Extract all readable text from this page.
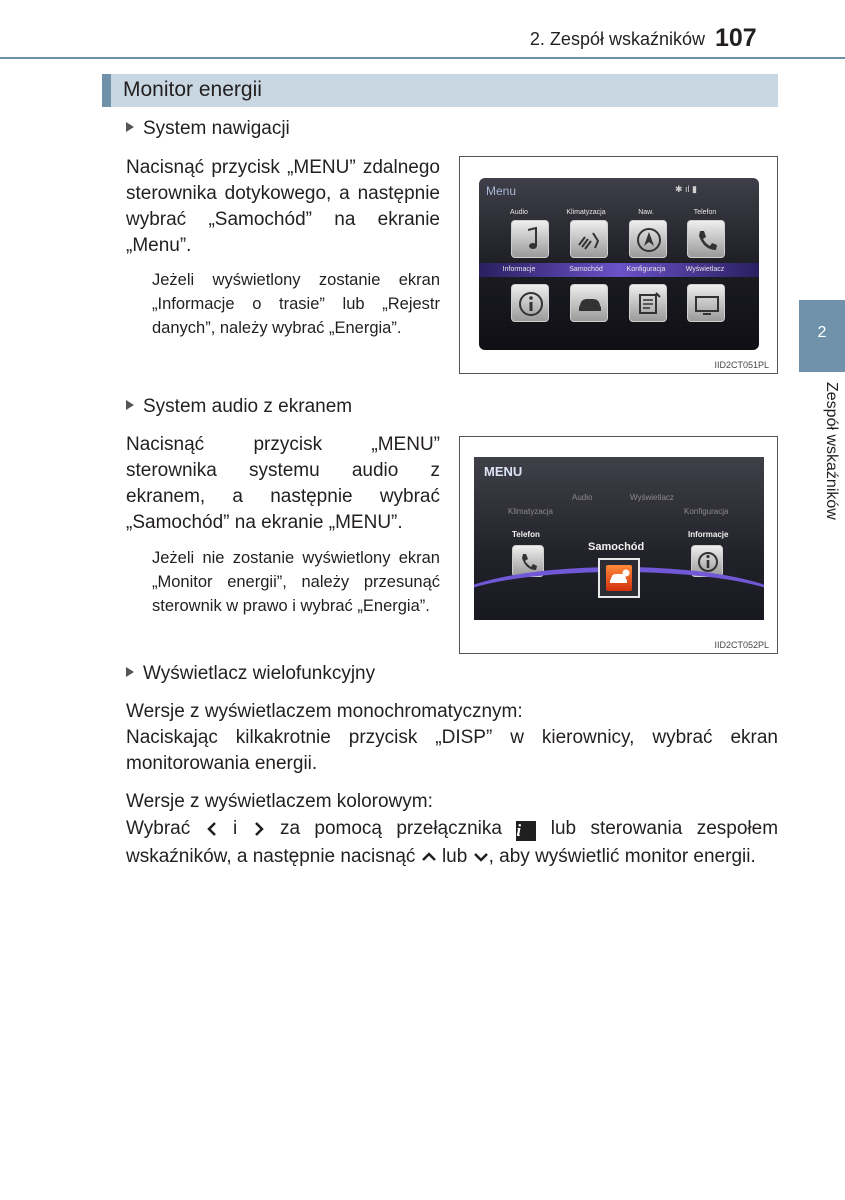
2. Zespół wskaźników 107
Monitor energii
2
Zespół wskaźników
System nawigacji
Nacisnąć przycisk „MENU” zdalnego sterownika dotykowego, a następnie wybrać „Samochód” na ekranie „Menu”.
Jeżeli wyświetlony zostanie ekran „Informacje o trasie” lub „Rejestr danych”, należy wybrać „Energia”.
Menu	✱ ıl ▮
Audio	Klimatyzacja	Naw.	Telefon
Informacje	Samochód	Konfiguracja	Wyświetlacz
IID2CT051PL
System audio z ekranem
Nacisnąć przycisk „MENU” sterownika systemu audio z ekranem, a następnie wybrać „Samochód” na ekranie „MENU”.
Jeżeli nie zostanie wyświetlony ekran „Monitor energii”, należy przesunąć sterownik w prawo i wybrać „Energia”.
MENU
Klimatyzacja
Audio	Wyświetlacz
Konfiguracja
Telefon
Samochód
Informacje
IID2CT052PL
Wyświetlacz wielofunkcyjny
Wersje z wyświetlaczem monochromatycznym:
Naciskając kilkakrotnie przycisk „DISP” w kierownicy, wybrać ekran monitorowania energii.
Wersje z wyświetlaczem kolorowym:
Wybrać i za pomocą przełącznika i lub sterowania zespołem wskaźników, a następnie nacisnąć lub , aby wyświetlić monitor energii.
